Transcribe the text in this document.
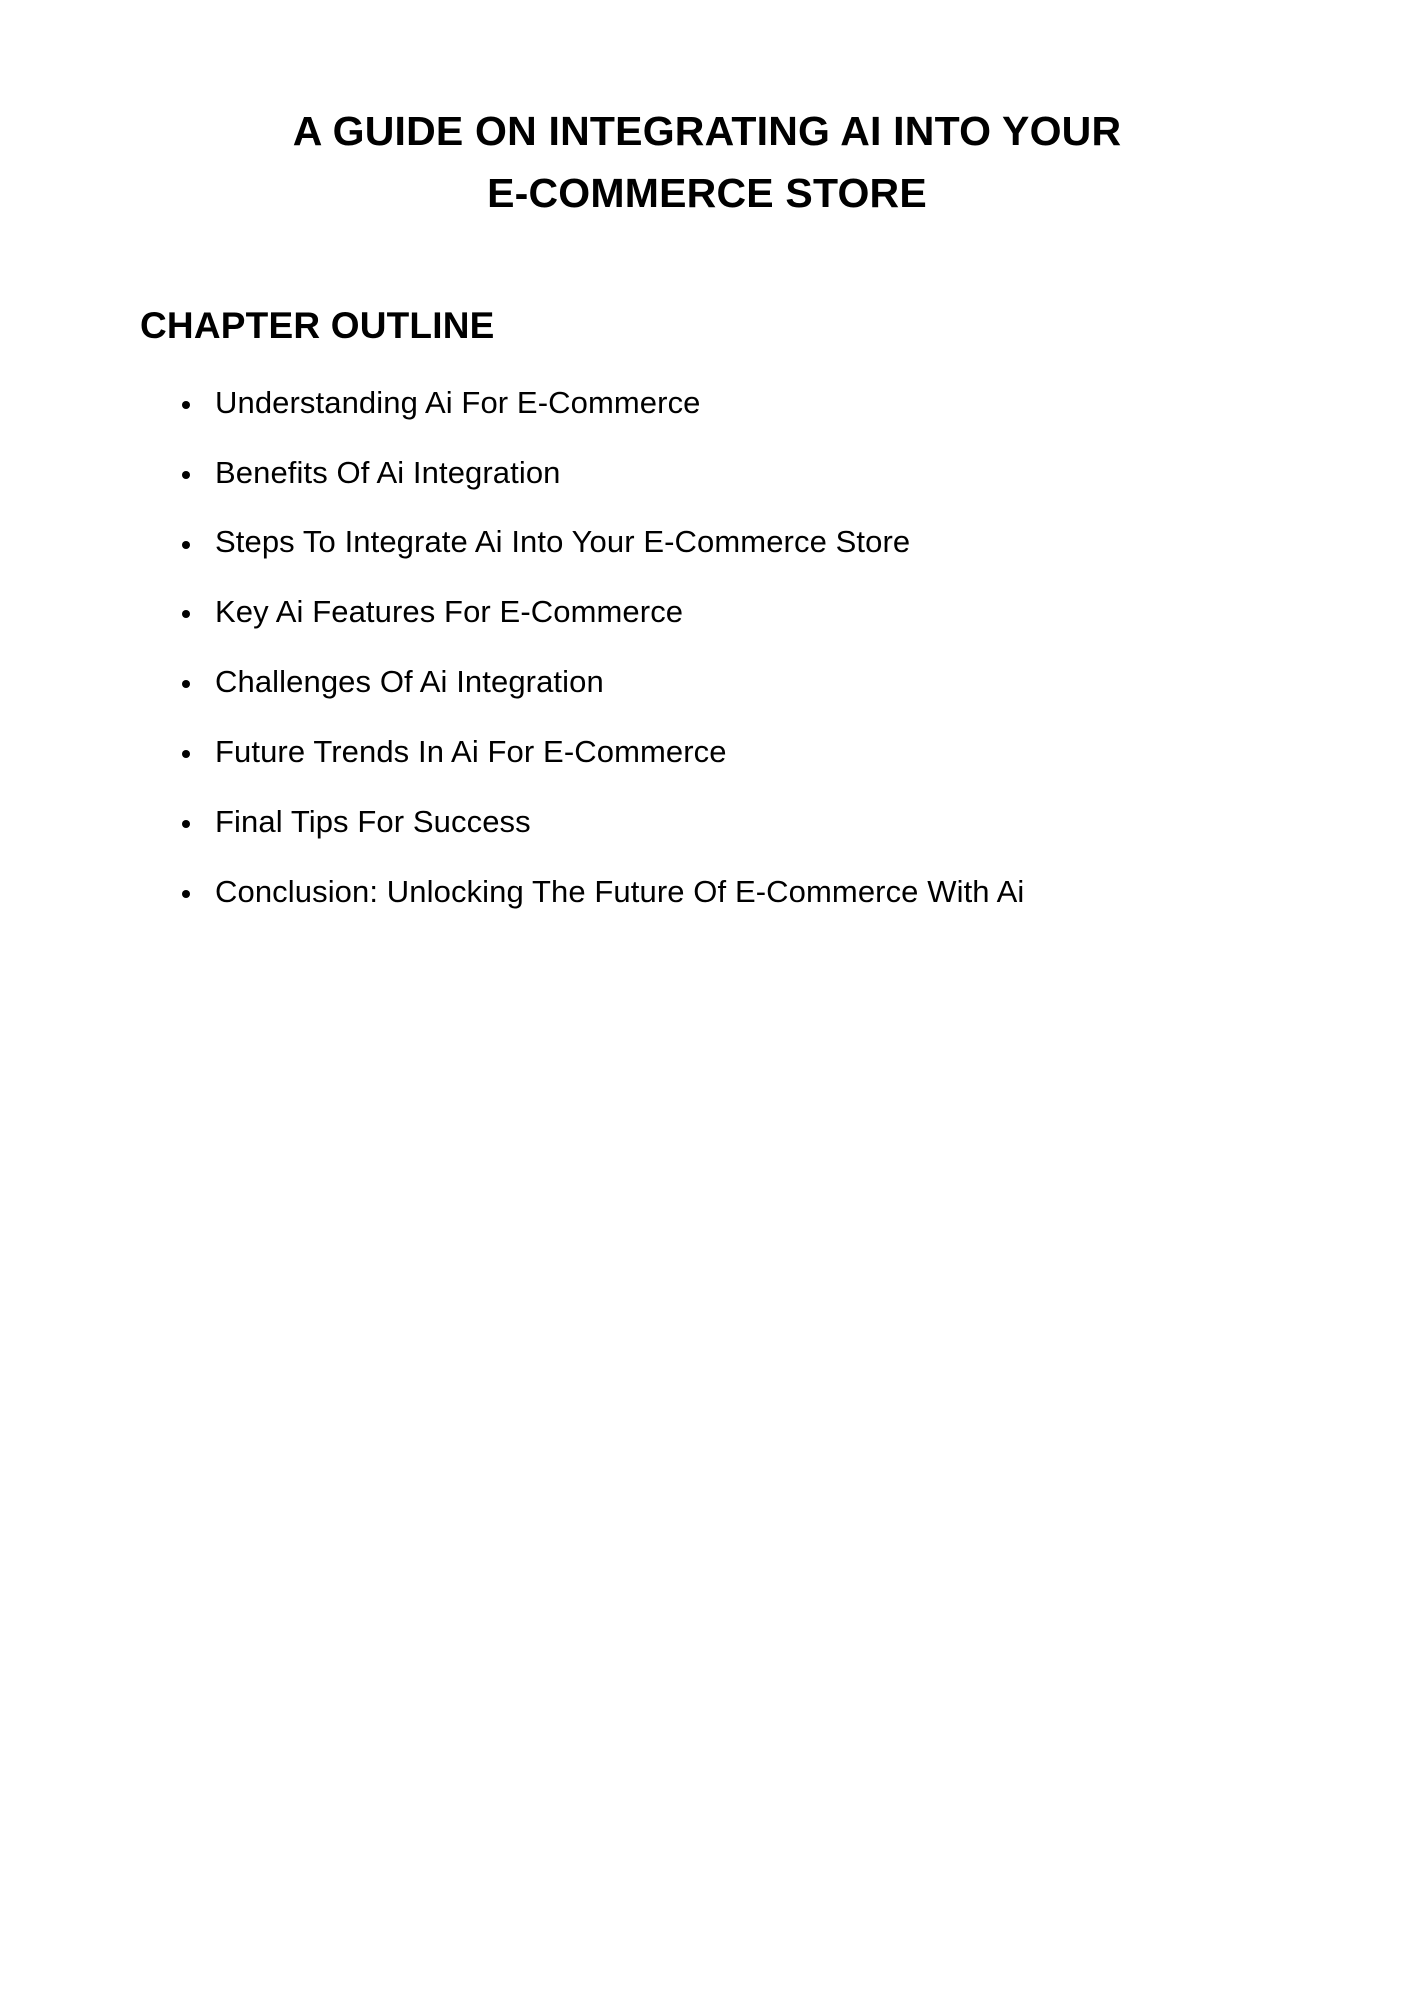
A GUIDE ON INTEGRATING AI INTO YOUR
E-COMMERCE STORE
CHAPTER OUTLINE
Understanding Ai For E-Commerce
Benefits Of Ai Integration
Steps To Integrate Ai Into Your E-Commerce Store
Key Ai Features For E-Commerce
Challenges Of Ai Integration
Future Trends In Ai For E-Commerce
Final Tips For Success
Conclusion: Unlocking The Future Of E-Commerce With Ai
